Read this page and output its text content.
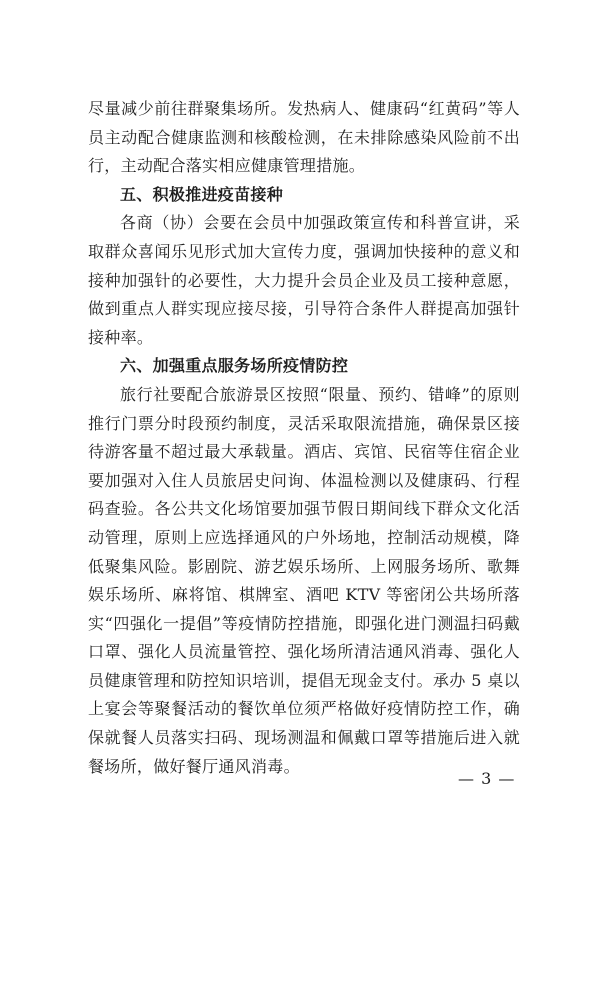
尽量减少前往群聚集场所。发热病人、健康码“红黄码”等人员主动配合健康监测和核酸检测，在未排除感染风险前不出行，主动配合落实相应健康管理措施。

五、积极推进疫苗接种

各商（协）会要在会员中加强政策宣传和科普宣讲，采取群众喜闻乐见形式加大宣传力度，强调加快接种的意义和接种加强针的必要性，大力提升会员企业及员工接种意愿，做到重点人群实现应接尽接，引导符合条件人群提高加强针接种率。

六、加强重点服务场所疫情防控

旅行社要配合旅游景区按照“限量、预约、错峰”的原则推行门票分时段预约制度，灵活采取限流措施，确保景区接待游客量不超过最大承载量。酒店、宾馆、民宿等住宿企业要加强对入住人员旅居史问询、体温检测以及健康码、行程码查验。各公共文化场馆要加强节假日期间线下群众文化活动管理，原则上应选择通风的户外场地，控制活动规模，降低聚集风险。影剧院、游艺娱乐场所、上网服务场所、歌舞娱乐场所、麻将馆、棋牌室、酒吧 KTV 等密闭公共场所落实“四强化一提倡”等疫情防控措施，即强化进门测温扫码戴口罩、强化人员流量管控、强化场所清洁通风消毒、强化人员健康管理和防控知识培训，提倡无现金支付。承办 5 桌以上宴会等聚餐活动的餐饮单位须严格做好疫情防控工作，确保就餐人员落实扫码、现场测温和佩戴口罩等措施后进入就餐场所，做好餐厅通风消毒。

— 3 —
